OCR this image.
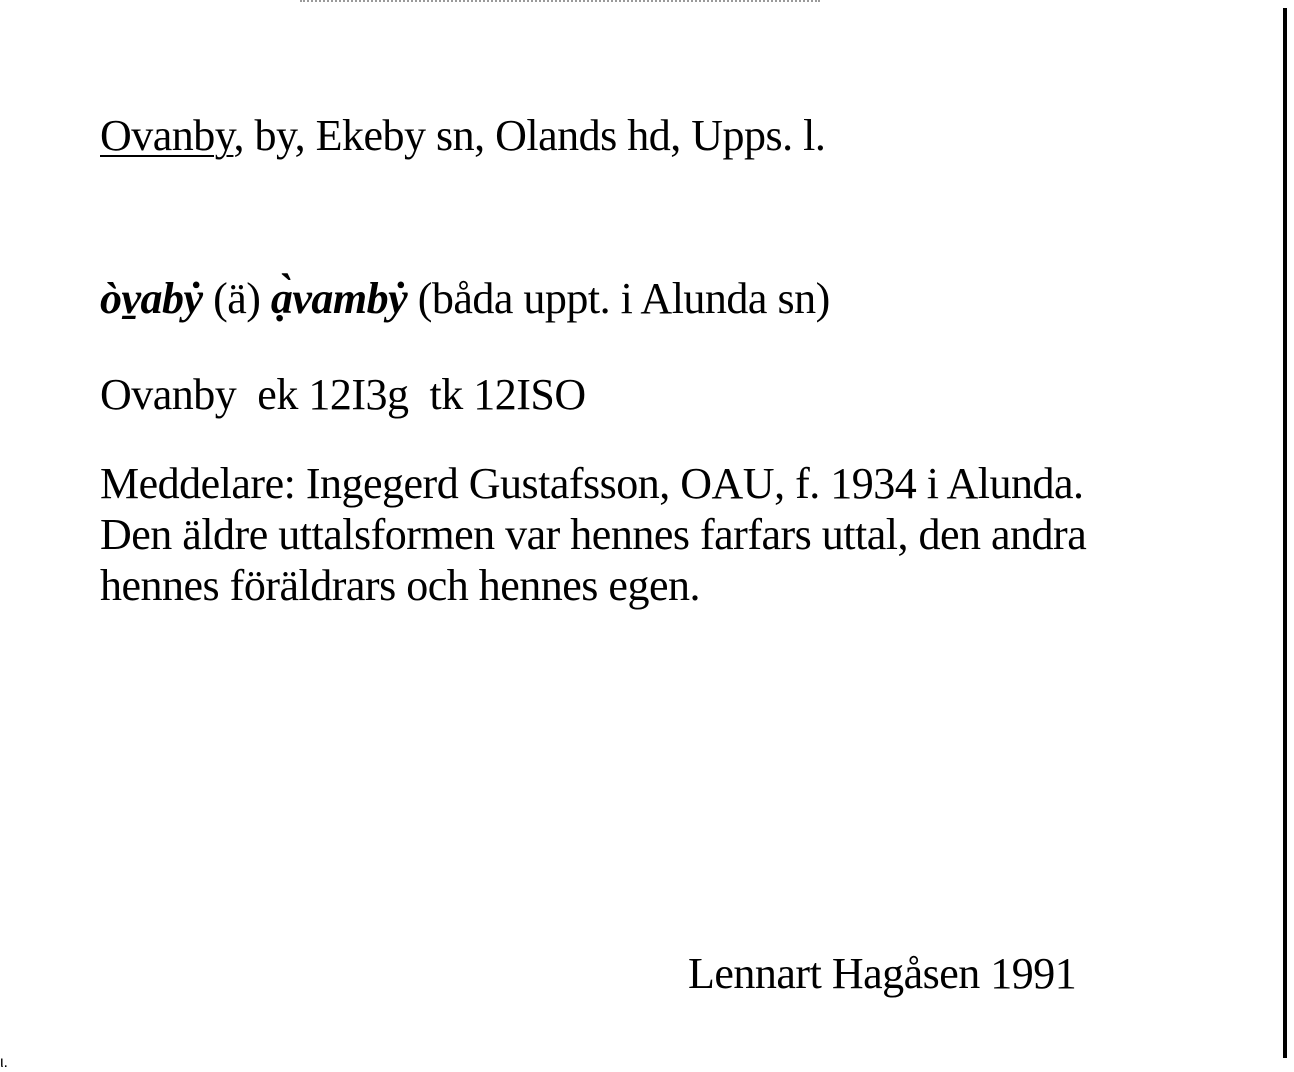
Ovanby, by, Ekeby sn, Olands hd, Upps. l.
òv̱abẏ (ä) ạ̀vambẏ (båda uppt. i Alunda sn)
Ovanby  ek 12I3g  tk 12ISO
Meddelare: Ingegerd Gustafsson, OAU, f. 1934 i Alunda.
Den äldre uttalsformen var hennes farfars uttal, den andra
hennes föräldrars och hennes egen.
Lennart Hagåsen 1991
ι.
